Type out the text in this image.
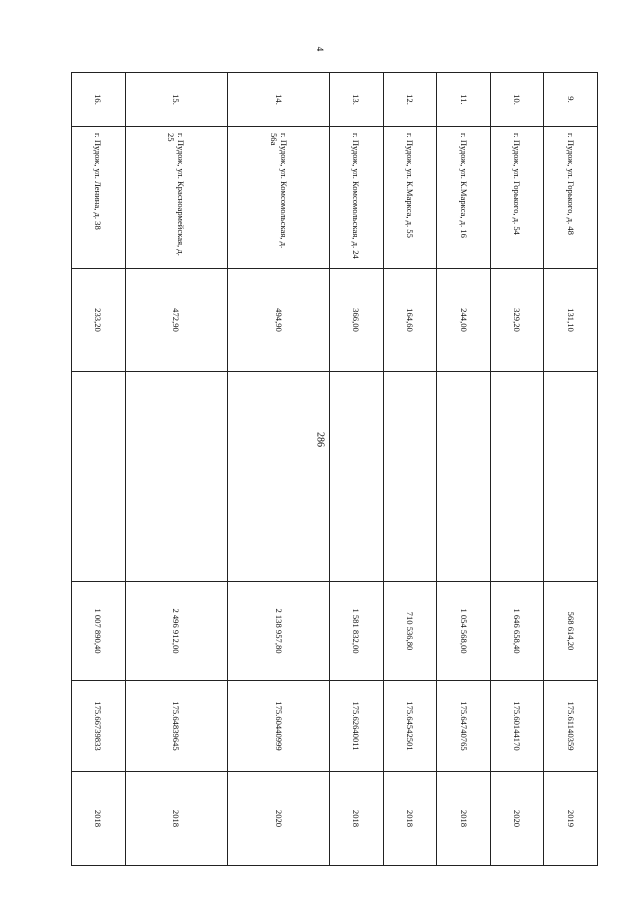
286
4
9.	г. Пудож, ул. Горького, д. 48	131,10		568 614,20	175.61140359	2019
10.	г. Пудож, ул. Горького, д. 54	329,20		1 646 658,40	175.60144170	2020
11.	г. Пудож, ул. К.Маркса, д. 16	244,00		1 054 568,00	175.64740765	2018
12.	г. Пудож, ул. К.Маркса, д. 55	164,60		710 536,80	175.64542501	2018
13.	г. Пудож, ул. Комсомольская, д. 24	366,00		1 581 832,00	175.62640011	2018
14.	г. Пудож, ул. Комсомольская, д. 56а	494,90		2 138 957,80	175.60440999	2020
15.	г. Пудож, ул. Красноармейская, д. 25	472,90		2 496 912,00	175.64839645	2018
16.	г. Пудож, ул. Ленина, д. 38	233,20		1 007 890,40	175.66739833	2018
